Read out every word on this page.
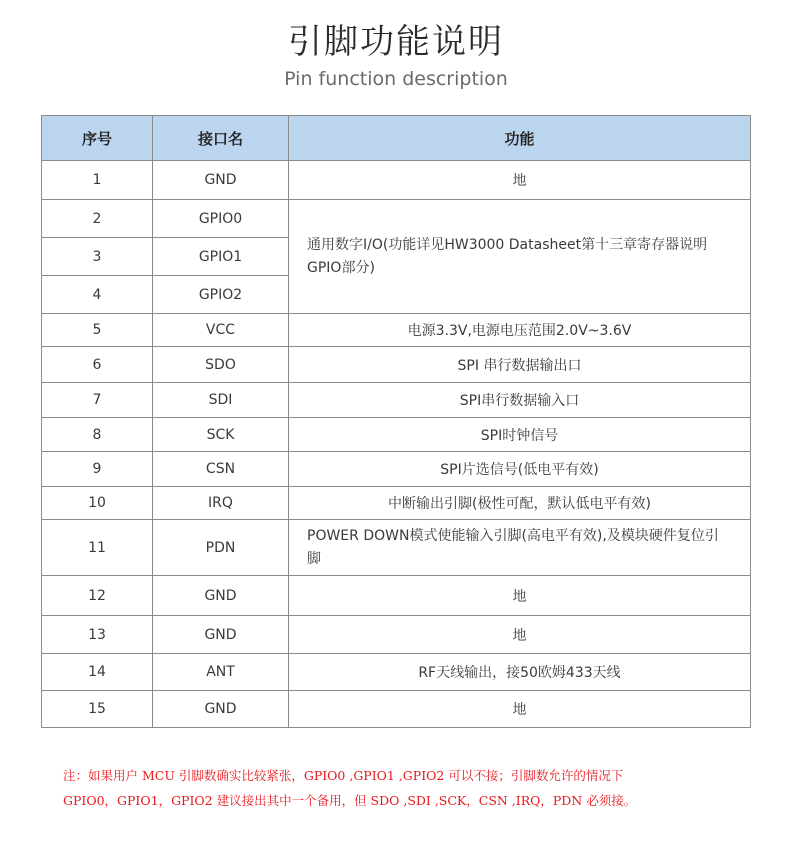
引脚功能说明
Pin function description
序号	接口名	功能
1	GND	地
2	GPIO0	通用数字I/O(功能详见HW3000 Datasheet第十三章寄存器说明GPIO部分)
3	GPIO1	
4	GPIO2	
5	VCC	电源3.3V,电源电压范围2.0V~3.6V
6	SDO	SPI 串行数据输出口
7	SDI	SPI串行数据输入口
8	SCK	SPI时钟信号
9	CSN	SPI片选信号(低电平有效)
10	IRQ	中断输出引脚(极性可配，默认低电平有效)
11	PDN	POWER DOWN模式使能输入引脚(高电平有效),及模块硬件复位引脚
12	GND	地
13	GND	地
14	ANT	RF天线输出，接50欧姆433天线
15	GND	地
注：如果用户 MCU 引脚数确实比较紧张，GPIO0 ,GPIO1 ,GPIO2 可以不接；引脚数允许的情况下
GPIO0，GPIO1，GPIO2 建议接出其中一个备用，但 SDO ,SDI ,SCK，CSN ,IRQ，PDN 必须接。
